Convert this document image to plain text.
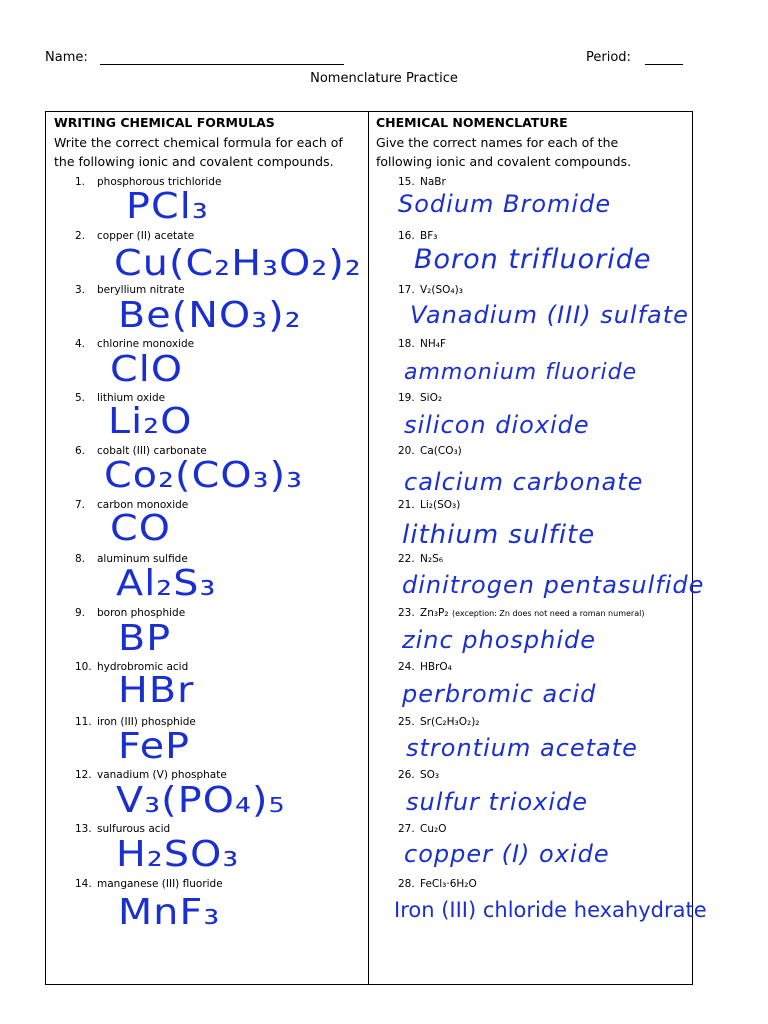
Name:	Period:
Nomenclature Practice
WRITING CHEMICAL FORMULAS
Write the correct chemical formula for each of
the following ionic and covalent compounds.
1. phosphorous trichloride
PCl₃
2. copper (II) acetate
Cu(C₂H₃O₂)₂
3. beryllium nitrate
Be(NO₃)₂
4. chlorine monoxide
ClO
5. lithium oxide
Li₂O
6. cobalt (III) carbonate
Co₂(CO₃)₃
7. carbon monoxide
CO
8. aluminum sulfide
Al₂S₃
9. boron phosphide
BP
10. hydrobromic acid
HBr
11. iron (III) phosphide
FeP
12. vanadium (V) phosphate
V₃(PO₄)₅
13. sulfurous acid
H₂SO₃
14. manganese (III) fluoride
MnF₃
CHEMICAL NOMENCLATURE
Give the correct names for each of the
following ionic and covalent compounds.
15. NaBr
Sodium Bromide
16. BF₃
Boron trifluoride
17. V₂(SO₄)₃
Vanadium (III) sulfate
18. NH₄F
ammonium fluoride
19. SiO₂
silicon dioxide
20. Ca(CO₃)
calcium carbonate
21. Li₂(SO₃)
lithium sulfite
22. N₂S₆
dinitrogen pentasulfide
23. Zn₃P₂ (exception: Zn does not need a roman numeral)
zinc phosphide
24. HBrO₄
perbromic acid
25. Sr(C₂H₃O₂)₂
strontium acetate
26. SO₃
sulfur trioxide
27. Cu₂O
copper (I) oxide
28. FeCl₃·6H₂O
Iron (III) chloride hexahydrate
